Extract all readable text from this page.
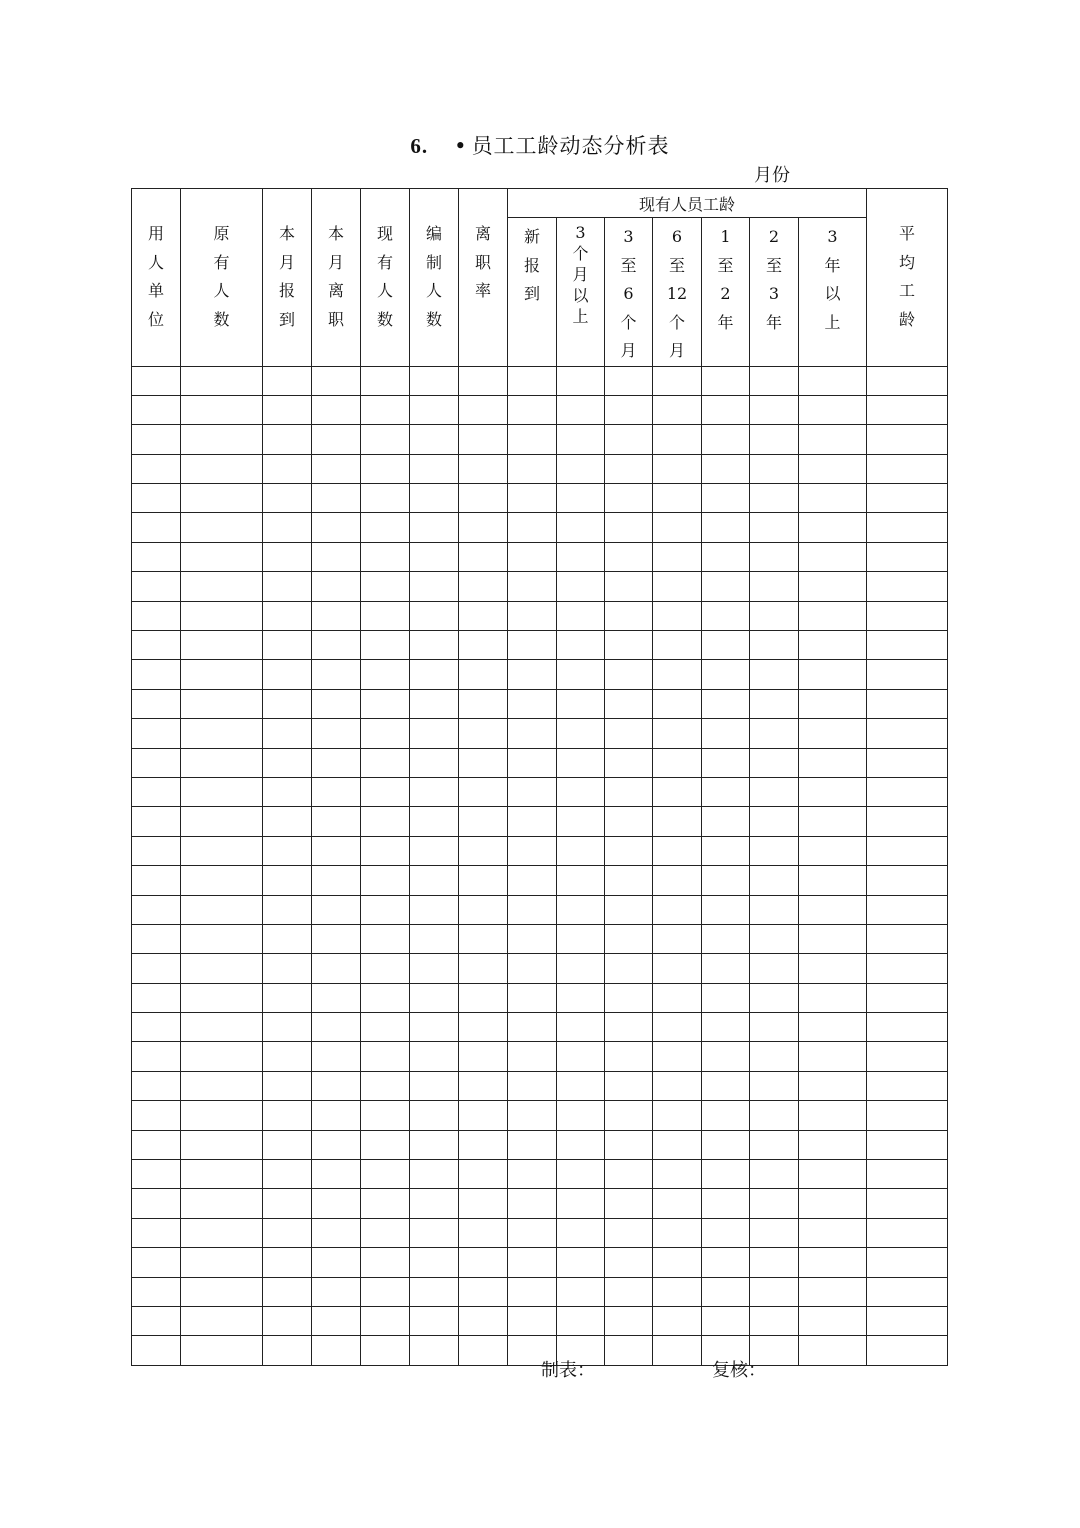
6. • 员工工龄动态分析表
月份
用人单位	原有人数	本月报到	本月离职	现有人数	编制人数	离职率	现有人员工龄							平均工龄
							新报到	3个月以上	3至6个月	6至12个月	1至2年	2至3年	3年以上	

制表：	复核：
